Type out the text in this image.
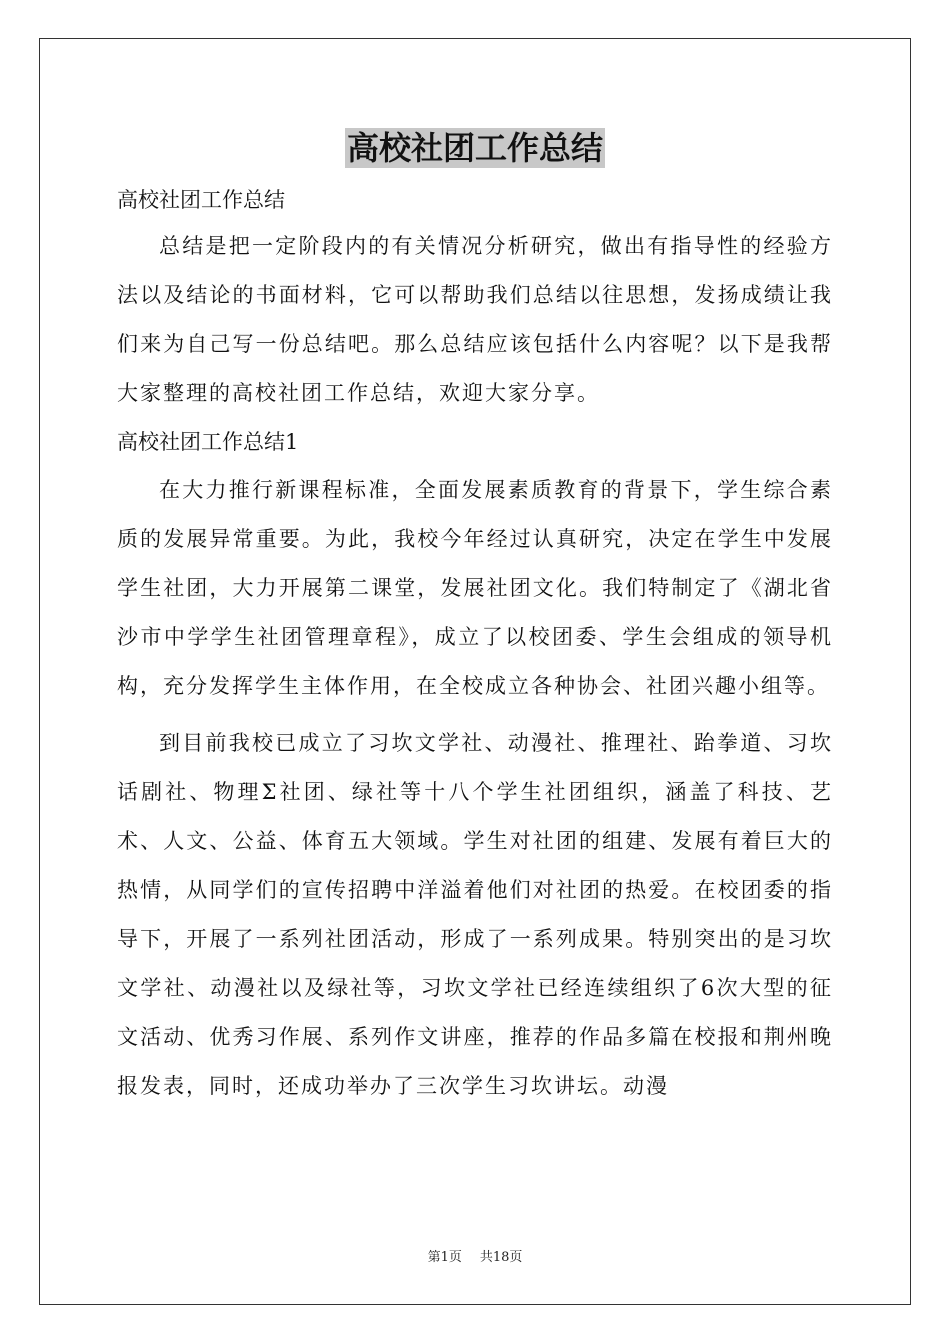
高校社团工作总结

高校社团工作总结

总结是把一定阶段内的有关情况分析研究，做出有指导性的经验方法以及结论的书面材料，它可以帮助我们总结以往思想，发扬成绩让我们来为自己写一份总结吧。那么总结应该包括什么内容呢？以下是我帮大家整理的高校社团工作总结，欢迎大家分享。

高校社团工作总结1

在大力推行新课程标准，全面发展素质教育的背景下，学生综合素质的发展异常重要。为此，我校今年经过认真研究，决定在学生中发展学生社团，大力开展第二课堂，发展社团文化。我们特制定了《湖北省沙市中学学生社团管理章程》，成立了以校团委、学生会组成的领导机构，充分发挥学生主体作用，在全校成立各种协会、社团兴趣小组等。

到目前我校已成立了习坎文学社、动漫社、推理社、跆拳道、习坎话剧社、物理Σ社团、绿社等十八个学生社团组织，涵盖了科技、艺术、人文、公益、体育五大领域。学生对社团的组建、发展有着巨大的热情，从同学们的宣传招聘中洋溢着他们对社团的热爱。在校团委的指导下，开展了一系列社团活动，形成了一系列成果。特别突出的是习坎文学社、动漫社以及绿社等，习坎文学社已经连续组织了6次大型的征文活动、优秀习作展、系列作文讲座，推荐的作品多篇在校报和荆州晚报发表，同时，还成功举办了三次学生习坎讲坛。动漫

第1页 共18页
